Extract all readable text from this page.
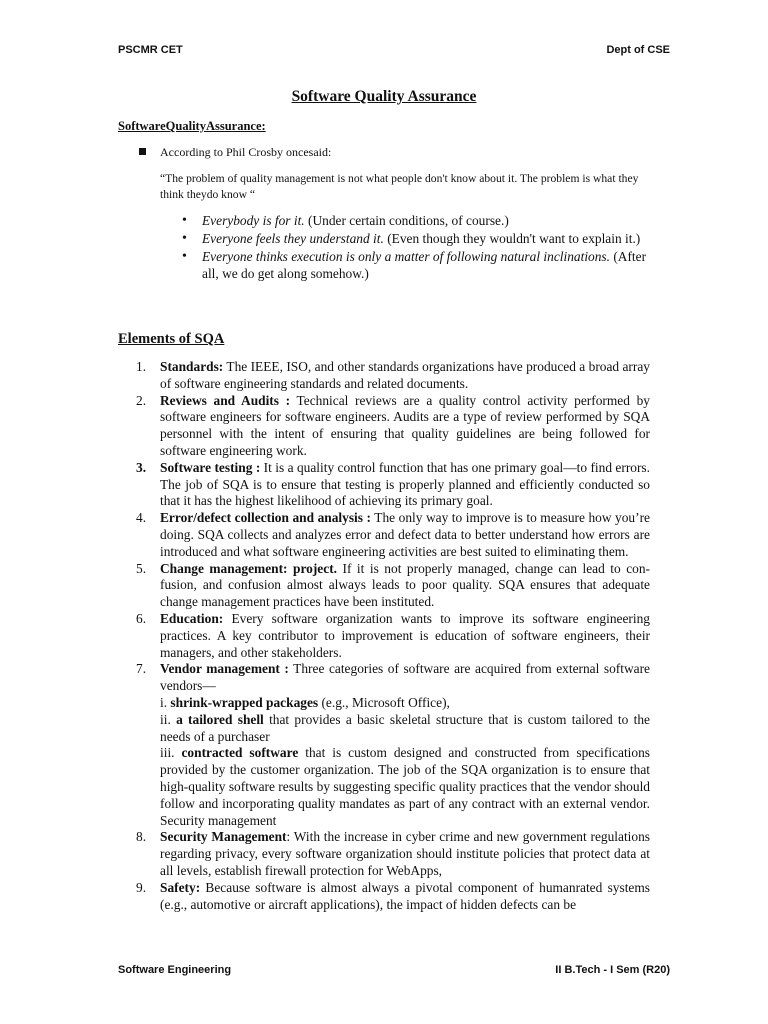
PSCMR CET	Dept of CSE
Software Quality Assurance
SoftwareQualityAssurance:
According to Phil Crosby oncesaid:
“The problem of quality management is not what people don't know about it. The problem is what they think theydo know “
• Everybody is for it. (Under certain conditions, of course.)
• Everyone feels they understand it. (Even though they wouldn't want to explain it.)
• Everyone thinks execution is only a matter of following natural inclinations. (After all, we do get along somehow.)
Elements of SQA
1. Standards: The IEEE, ISO, and other standards organizations have produced a broad array of software engineering standards and related documents.
2. Reviews and Audits : Technical reviews are a quality control activity performed by software engineers for software engineers. Audits are a type of review performed by SQA personnel with the intent of ensuring that quality guidelines are being followed for software engineering work.
3. Software testing : It is a quality control function that has one primary goal—to find errors. The job of SQA is to ensure that testing is properly planned and efficiently conducted so that it has the highest likelihood of achieving its primary goal.
4. Error/defect collection and analysis : The only way to improve is to measure how you’re doing. SQA collects and analyzes error and defect data to better understand how errors are introduced and what software engineering activities are best suited to eliminating them.
5. Change management: project. If it is not properly managed, change can lead to con-fusion, and confusion almost always leads to poor quality. SQA ensures that adequate change management practices have been instituted.
6. Education: Every software organization wants to improve its software engineering practices. A key contributor to improvement is education of software engineers, their managers, and other stakeholders.
7. Vendor management : Three categories of software are acquired from external software vendors—
i. shrink-wrapped packages (e.g., Microsoft Office),
ii. a tailored shell that provides a basic skeletal structure that is custom tailored to the needs of a purchaser
iii. contracted software that is custom designed and constructed from specifications provided by the customer organization. The job of the SQA organization is to ensure that high-quality software results by suggesting specific quality practices that the vendor should follow and incorporating quality mandates as part of any contract with an external vendor. Security management
8. Security Management: With the increase in cyber crime and new government regulations regarding privacy, every software organization should institute policies that protect data at all levels, establish firewall protection for WebApps,
9. Safety: Because software is almost always a pivotal component of humanrated systems (e.g., automotive or aircraft applications), the impact of hidden defects can be
Software Engineering	II B.Tech - I Sem (R20)
